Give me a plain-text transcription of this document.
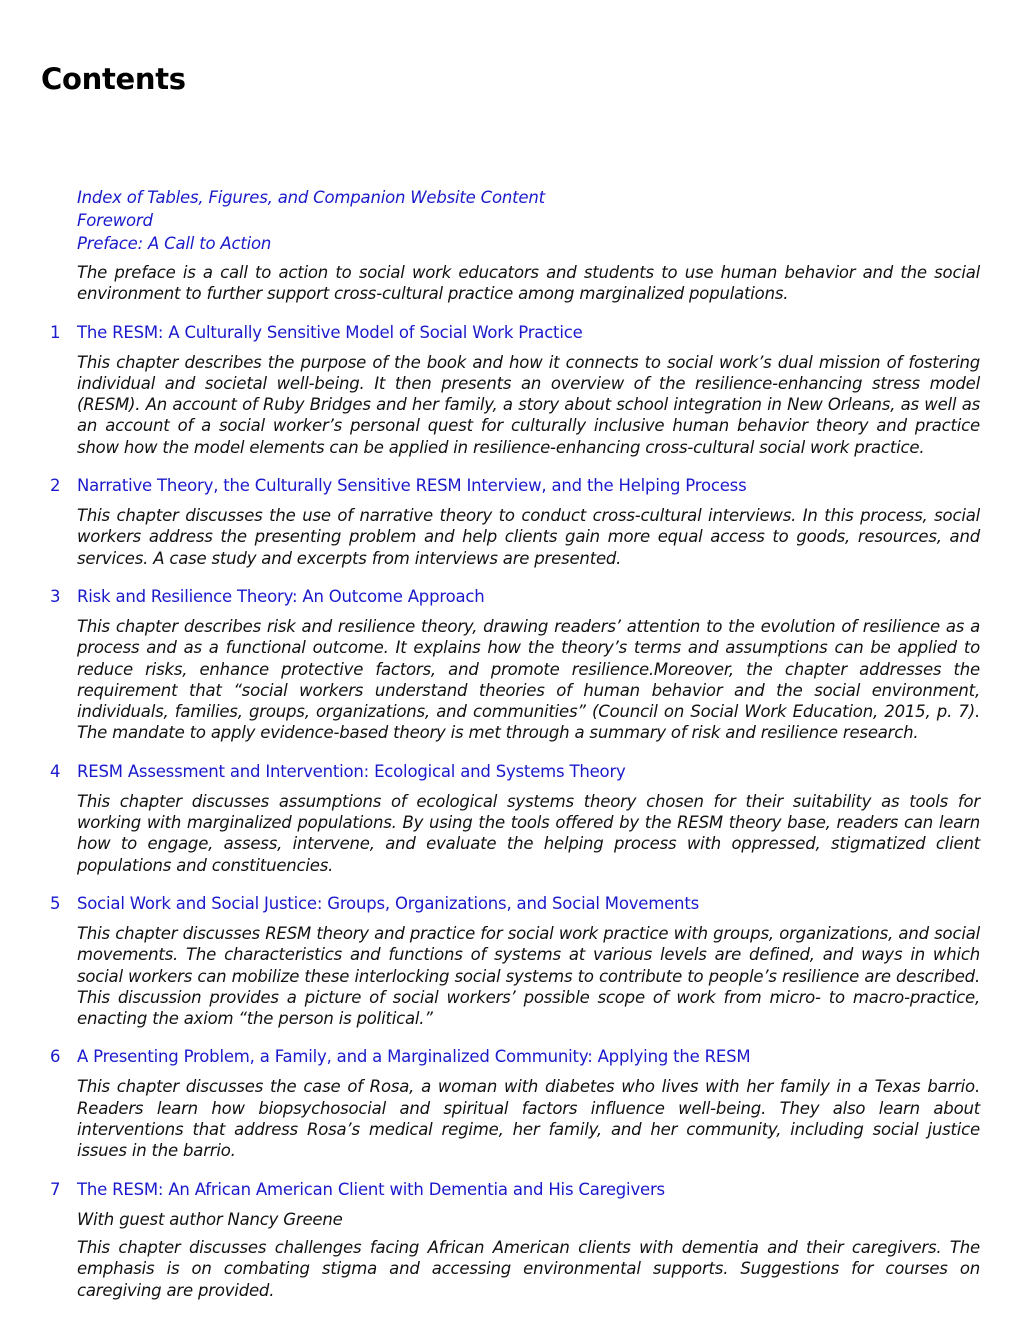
Contents
Index of Tables, Figures, and Companion Website Content
Foreword
Preface: A Call to Action

The preface is a call to action to social work educators and students to use human behavior and the social environment to further support cross-cultural practice among marginalized populations.

1 The RESM: A Culturally Sensitive Model of Social Work Practice

This chapter describes the purpose of the book and how it connects to social work’s dual mission of fostering individual and societal well-being. It then presents an overview of the resilience-enhancing stress model (RESM). An account of Ruby Bridges and her family, a story about school integration in New Orleans, as well as an account of a social worker’s personal quest for culturally inclusive human behavior theory and practice show how the model elements can be applied in resilience-enhancing cross-cultural social work practice.

2 Narrative Theory, the Culturally Sensitive RESM Interview, and the Helping Process

This chapter discusses the use of narrative theory to conduct cross-cultural interviews. In this process, social workers address the presenting problem and help clients gain more equal access to goods, resources, and services. A case study and excerpts from interviews are presented.

3 Risk and Resilience Theory: An Outcome Approach

This chapter describes risk and resilience theory, drawing readers’ attention to the evolution of resilience as a process and as a functional outcome. It explains how the theory’s terms and assumptions can be applied to reduce risks, enhance protective factors, and promote resilience.Moreover, the chapter addresses the requirement that “social workers understand theories of human behavior and the social environment, individuals, families, groups, organizations, and communities” (Council on Social Work Education, 2015, p. 7). The mandate to apply evidence-based theory is met through a summary of risk and resilience research.

4 RESM Assessment and Intervention: Ecological and Systems Theory

This chapter discusses assumptions of ecological systems theory chosen for their suitability as tools for working with marginalized populations. By using the tools offered by the RESM theory base, readers can learn how to engage, assess, intervene, and evaluate the helping process with oppressed, stigmatized client populations and constituencies.

5 Social Work and Social Justice: Groups, Organizations, and Social Movements

This chapter discusses RESM theory and practice for social work practice with groups, organizations, and social movements. The characteristics and functions of systems at various levels are defined, and ways in which social workers can mobilize these interlocking social systems to contribute to people’s resilience are described. This discussion provides a picture of social workers’ possible scope of work from micro- to macro-practice, enacting the axiom “the person is political.”

6 A Presenting Problem, a Family, and a Marginalized Community: Applying the RESM

This chapter discusses the case of Rosa, a woman with diabetes who lives with her family in a Texas barrio. Readers learn how biopsychosocial and spiritual factors influence well-being. They also learn about interventions that address Rosa’s medical regime, her family, and her community, including social justice issues in the barrio.

7 The RESM: An African American Client with Dementia and His Caregivers

With guest author Nancy Greene

This chapter discusses challenges facing African American clients with dementia and their caregivers. The emphasis is on combating stigma and accessing environmental supports. Suggestions for courses on caregiving are provided.
